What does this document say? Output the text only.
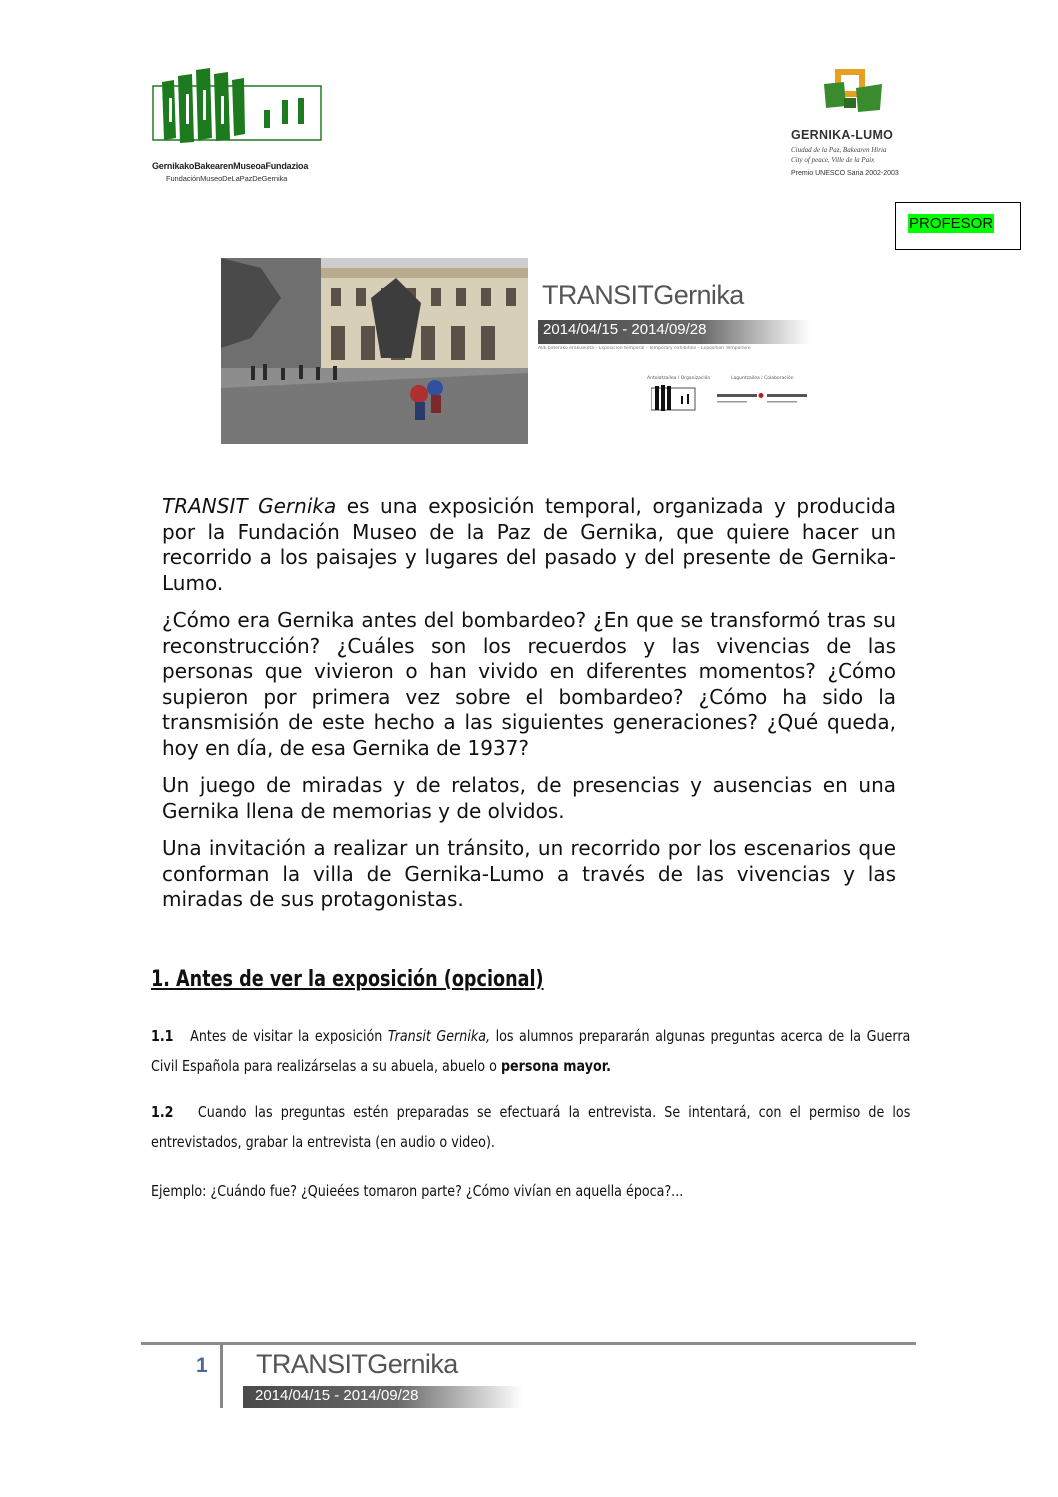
GernikakoBakearenMuseoaFundazioa
FundaciónMuseoDeLaPazDeGernika
GERNIKA-LUMO
Ciudad de la Paz, Bakearen Hiria
City of peace, Ville de la Paix
Premio UNESCO Saria 2002-2003
PROFESOR
TRANSITGernika
2014/04/15 - 2014/09/28
Aldi baterako erakusketa - Exposición temporal - Temporary exhibition - Exposition Temporaire
Antolatzailea / Organización	Laguntzailea / Colaboración

TRANSIT Gernika es una exposición temporal, organizada y producida por la Fundación Museo de la Paz de Gernika, que quiere hacer un recorrido a los paisajes y lugares del pasado y del presente de Gernika-Lumo.

¿Cómo era Gernika antes del bombardeo? ¿En que se transformó tras su reconstrucción? ¿Cuáles son los recuerdos y las vivencias de las personas que vivieron o han vivido en diferentes momentos? ¿Cómo supieron por primera vez sobre el bombardeo? ¿Cómo ha sido la transmisión de este hecho a las siguientes generaciones? ¿Qué queda, hoy en día, de esa Gernika de 1937?

Un juego de miradas y de relatos, de presencias y ausencias en una Gernika llena de memorias y de olvidos.

Una invitación a realizar un tránsito, un recorrido por los escenarios que conforman la villa de Gernika-Lumo a través de las vivencias y las miradas de sus protagonistas.

1. Antes de ver la exposición (opcional)
1.1 Antes de visitar la exposición Transit Gernika, los alumnos prepararán algunas preguntas acerca de la Guerra Civil Española para realizárselas a su abuela, abuelo o persona mayor.
1.2 Cuando las preguntas estén preparadas se efectuará la entrevista. Se intentará, con el permiso de los entrevistados, grabar la entrevista (en audio o video).
Ejemplo: ¿Cuándo fue? ¿Quieées tomaron parte? ¿Cómo vivían en aquella época?...
1 TRANSITGernika
2014/04/15 - 2014/09/28
